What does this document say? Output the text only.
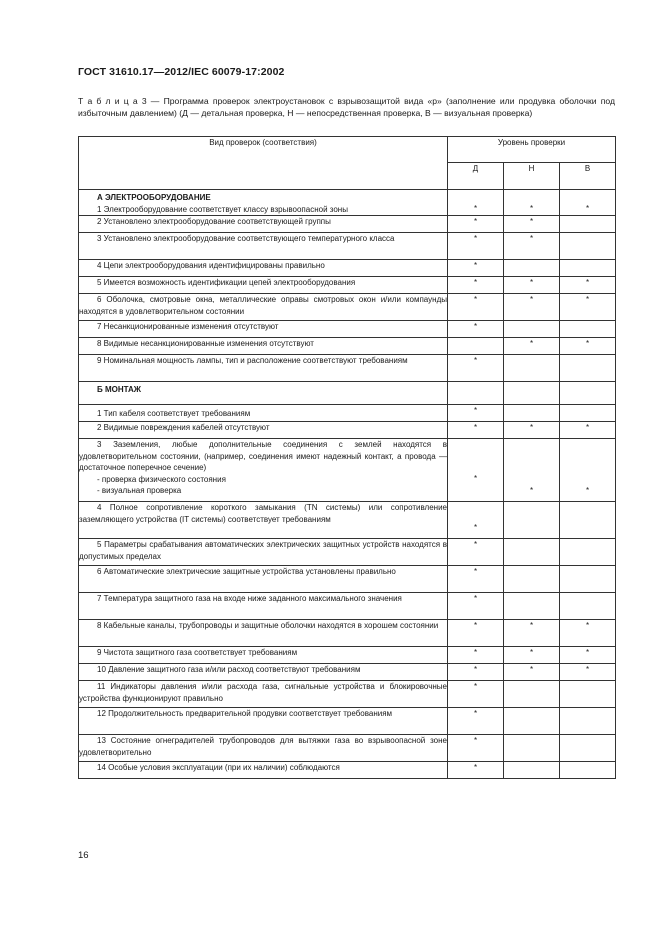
ГОСТ 31610.17—2012/IEC 60079-17:2002
Т а б л и ц а 3 — Программа проверок электроустановок с взрывозащитой вида «р» (заполнение или продувка оболочки под избыточным давлением) (Д — детальная проверка, Н — непосредственная проверка, В — визуальная проверка)
Вид проверок (соответствия)	Уровень проверки		
	Д	Н	В

А ЭЛЕКТРООБОРУДОВАНИЕ
1 Электрооборудование соответствует классу взрывоопасной зоны	*	*	*

2 Установлено электрооборудование соответствующей группы	*	*	

3 Установлено электрооборудование соответствующего температурного класса	*	*	

4 Цепи электрооборудования идентифицированы правильно	*		

5 Имеется возможность идентификации цепей электрооборудования	*	*	*

6 Оболочка, смотровые окна, металлические оправы смотровых окон и/или компаунды находятся в удовлетворительном состоянии	*	*	*

7 Несанкционированные изменения отсутствуют	*		

8 Видимые несанкционированные изменения отсутствуют		*	*

9 Номинальная мощность лампы, тип и расположение соответствуют требованиям	*		

Б МОНТАЖ			

1 Тип кабеля соответствует требованиям	*		

2 Видимые повреждения кабелей отсутствуют	*	*	*

3 Заземления, любые дополнительные соединения с землей находятся в удовлетворительном состоянии, (например, соединения имеют надежный контакт, а провода — достаточное поперечное сечение)
- проверка физического состояния
- визуальная проверка	*	*	*

4 Полное сопротивление короткого замыкания (TN системы) или сопротивление заземляющего устройства (IT системы) соответствует требованиям	*		

5 Параметры срабатывания автоматических электрических защитных устройств находятся в допустимых пределах	*		

6 Автоматические электрические защитные устройства установлены правильно	*		

7 Температура защитного газа на входе ниже заданного максимального значения	*		

8 Кабельные каналы, трубопроводы и защитные оболочки находятся в хорошем состоянии	*	*	*

9 Чистота защитного газа соответствует требованиям	*	*	*

10 Давление защитного газа и/или расход соответствуют требованиям	*	*	*

11 Индикаторы давления и/или расхода газа, сигнальные устройства и блокировочные устройства функционируют правильно	*		

12 Продолжительность предварительной продувки соответствует требованиям	*		

13 Состояние огнеградителей трубопроводов для вытяжки газа во взрывоопасной зоне удовлетворительно	*		

14 Особые условия эксплуатации (при их наличии) соблюдаются	*		
16
